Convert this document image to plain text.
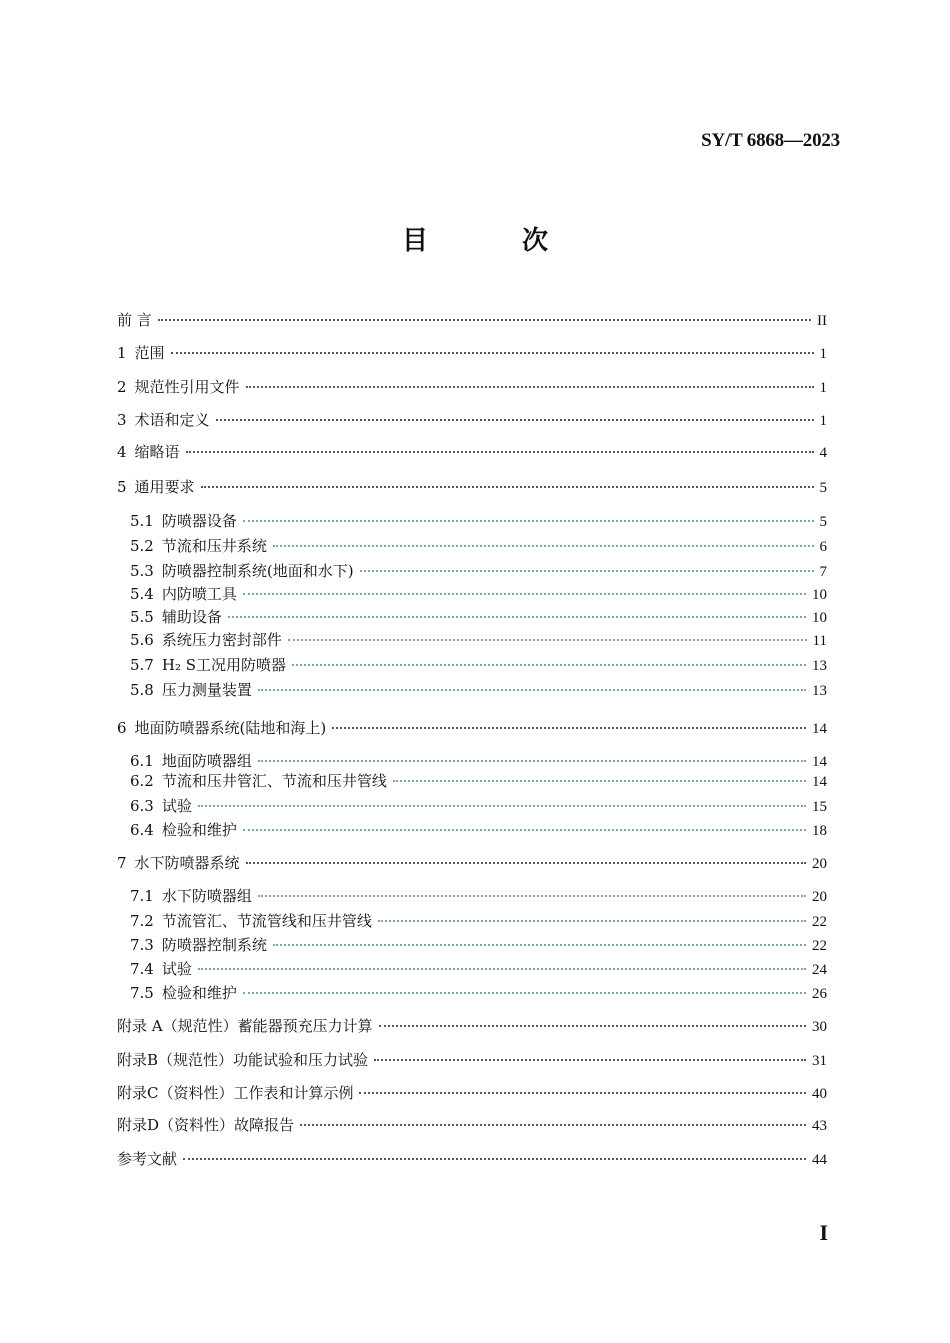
SY/T 6868—2023
目　次
前 言	II
1 范围	1
2 规范性引用文件	1
3 术语和定义	1
4 缩略语	4
5 通用要求	5
5.1 防喷器设备	5
5.2 节流和压井系统	6
5.3 防喷器控制系统(地面和水下)	7
5.4 内防喷工具	10
5.5 辅助设备	10
5.6 系统压力密封部件	11
5.7 H₂ S工况用防喷器	13
5.8 压力测量装置	13
6 地面防喷器系统(陆地和海上)	14
6.1 地面防喷器组	14
6.2 节流和压井管汇、节流和压井管线	14
6.3 试验	15
6.4 检验和维护	18
7 水下防喷器系统	20
7.1 水下防喷器组	20
7.2 节流管汇、节流管线和压井管线	22
7.3 防喷器控制系统	22
7.4 试验	24
7.5 检验和维护	26
附录 A（规范性）蓄能器预充压力计算	30
附录B（规范性）功能试验和压力试验	31
附录C（资料性）工作表和计算示例	40
附录D（资料性）故障报告	43
参考文献	44
I
